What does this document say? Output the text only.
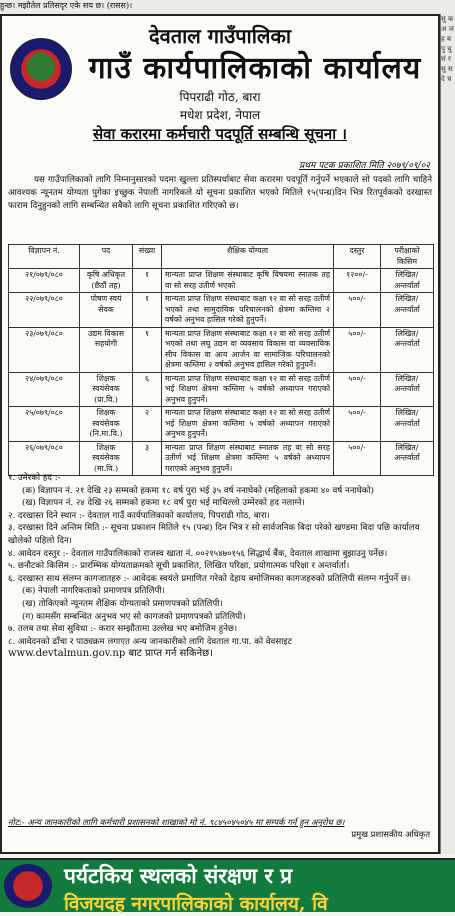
हुन्छ। मझौतेल प्रतिसदृर एके सय छ। (रासस)।
सु क अ ज ह ब पु चु सं र सु स दे च
देवताल गाउँपालिका
गाउँ कार्यपालिकाको कार्यालय
पिपराढी गोठ, बारा
मधेश प्रदेश, नेपाल
सेवा करारमा कर्मचारी पदपूर्ति सम्बन्धि सूचना ।
प्रथम पटक प्रकाशित मिति २०७९/०९/०२
यस गाउँपालिकाको लागि निम्नानुसारको पदमा खुल्ला प्रतिस्पर्धाबाट सेवा करारमा पदपूर्ति गर्नुपर्ने भएकाले सो पदको लागि चाहिने आवश्यक न्यूनतम योग्यता पुगेका इच्छुक नेपाली नागरिकले यो सूचना प्रकाशित भएको मितिले १५(पन्ध्र)दिन भित्र रितपूर्वकको दरखास्त फाराम दिनुहुनको लागि सम्बन्धित सबैको लागि सूचना प्रकाशित गरिएको छ।
विज्ञापन नं.	पद	संख्या	शैक्षिक योग्यता	दस्तुर	परीक्षाको किसिम
२१/०७९/०८०	कृषि अधिकृत (छैठौं तह)	१	मान्यता प्राप्त शिक्षण संस्थाबाट कृषि विषयमा स्नातक तह वा सो सरह उतीर्ण भएको	१२००/-	लिखित/ अन्तर्वार्ता
२२/०७९/०८०	पोषण स्वयं सेवक	१	मान्यता प्राप्त शिक्षण संस्थाबाट कक्षा १२ वा सो सरह उतीर्ण भएको तथा सामुदायिक परिचालनको क्षेत्रमा कम्तिमा २ वर्षको अनुभव हासिल गरेको हुनुपर्ने।	५००/-	लिखित/ अन्तर्वार्ता
२३/०७९/०८०	उद्यम विकास सहयोगी	१	मान्यता प्राप्त शिक्षण संस्थाबाट कक्षा १२ वा सो सरह उतीर्ण भएको तथा लघु उद्यम वा व्यवसाय विकास वा व्यवसायिक सीप विकास वा आय आर्जन वा सामाजिक परिचालनको क्षेत्रमा कम्तिमा २ वर्षको अनुभव हासिल गरेको हुनुपर्ने।	५००/-	लिखित/ अन्तर्वार्ता
२४/०७९/०८०	शिक्षक स्वयंसेवक (प्रा.वि.)	६	मान्यता प्राप्त शिक्षण संस्थाबाट कक्षा १२ वा सो सरह उतीर्ण भई शिक्षण क्षेत्रमा कम्तिमा ५ वर्षको अध्यापन गराएको अनुभव हुनुपर्ने।	५००/-	लिखित/ अन्तर्वार्ता
२५/०७९/०८०	शिक्षक स्वयंसेवक (नि.मा.वि.)	२	मान्यता प्राप्त शिक्षण संस्थाबाट कक्षा १२ वा सो सरह उतीर्ण भई शिक्षण क्षेत्रमा कम्तिमा ५ वर्षको अध्यापन गराएको अनुभव हुनुपर्ने।	५००/-	लिखित/ अन्तर्वार्ता
२६/०७९/०८०	शिक्षक स्वयंसेवक (मा.वि.)	३	मान्यता प्राप्त शिक्षण संस्थाबाट स्नातक तह वा सो सरह उतीर्ण भई शिक्षण क्षेत्रमा कम्तिमा ५ वर्षको अध्यापन गराएको अनुभव हुनुपर्ने।	५००/-	लिखित/ अन्तर्वार्ता
१. उमेरको हद :-
(क) विज्ञापन नं. २१ देखि २३ सम्मको हकमा १८ वर्ष पुरा भई ३५ वर्ष ननाघेको (महिलाको हकमा ४० वर्ष ननाघेको)
(ख) विज्ञापन नं. २४ देखि २६ सम्मको हकमा १८ वर्ष पुरा भई माथिल्लो उम्मेरको हद नलाग्ने।
२. दरखास्त दिने स्थान :- देवताल गाउँ कार्यपालिकाको कार्यालय, पिपराढी गोठ, बारा।
३. दरखास्त दिने अन्तिम मिति :- सूचना प्रकाशन मितिले १५ (पन्ध्र) दिन भित्र र सो सार्वजनिक बिदा परेको खण्डमा बिदा पछि कार्यालय खोलेको पहिलो दिन।
४. आवेदन दस्तुर :- देवताल गाउँपालिकाको राजस्व खाता नं. ००२१५४७०१५६ सिद्धार्थ बैंक, देवताल शाखामा बुझाउनु पर्नेछ।
५. छनौटको किसिम :- प्रारम्भिक योग्यताक्रमको सूची प्रकाशित, लिखित परिक्षा, प्रयोगात्मक परिक्षा र अन्तर्वार्ता।
६. दरखास्त साथ संलग्न कागजातहरु :- आवेदक स्वयंले प्रमाणित गरेको देहाय बमोजिमका कागजहरुको प्रतिलिपी संलग्न गर्नुपर्ने छ।
(क) नेपाली नागरिकताको प्रमाणपत्र प्रतिलिपी।
(ख) तोकिएको न्यूनतम शैक्षिक योग्यताको प्रमाणपत्रको प्रतिलिपी।
(ग) कामसँग सम्बन्धित अनुभव भए सो कागजको प्रमाणपत्रको प्रतिलिपी।
७. तलब तथा सेवा सुविधा :- करार सम्झौतामा उल्लेख भए बमोजिम हुनेछ।
८. आवेदनको ढाँचा र पाठ्यक्रम लगाएत अन्य जानकारीको लागि देवताल गा.पा. को वेवसाइट
www.devtalmun.gov.np बाट प्राप्त गर्न सकिनेछ।
नोट:- अन्य जानकारीको लागि कर्मचारी प्रशासनको शाखाको मो नं. ९८४५०४५०४५ मा सम्पर्क गर्न हुन अनुरोध छ।
प्रमुख प्रशासकीय अधिकृत
पर्यटकिय स्थलको संरक्षण र प्र
विजयदह नगरपालिकाको कार्यालय, वि
